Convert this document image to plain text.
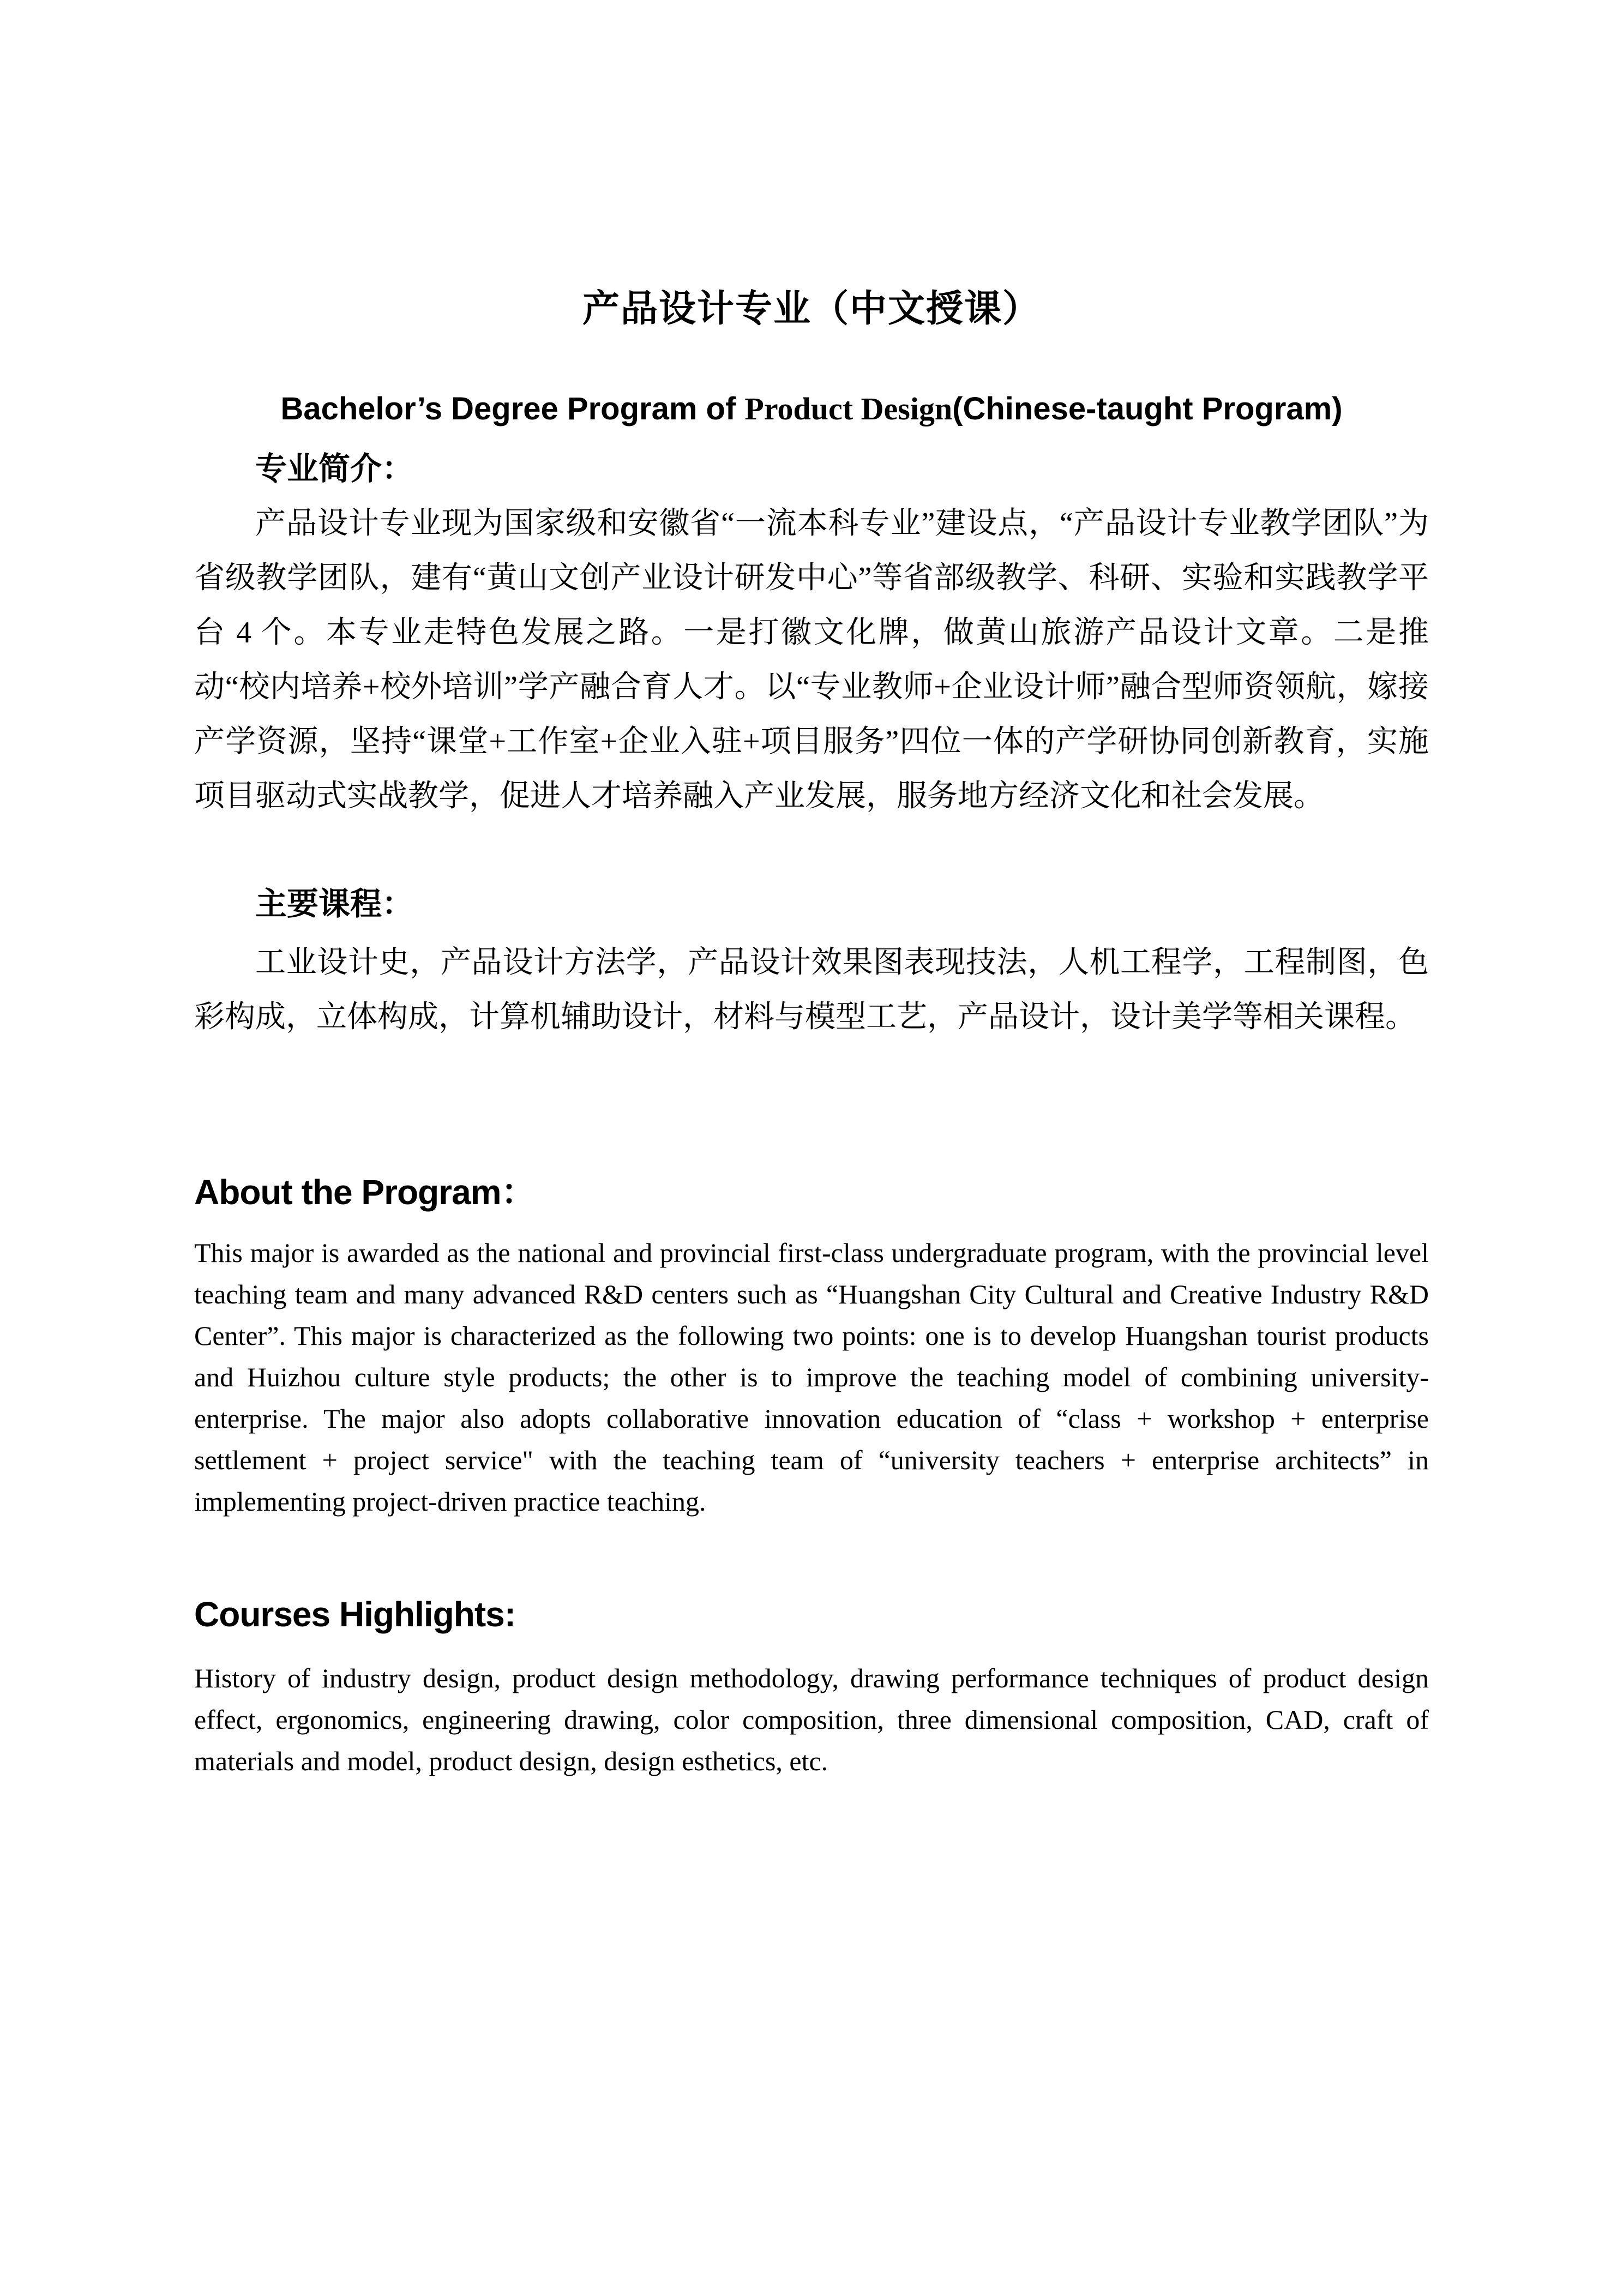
产品设计专业（中文授课）
Bachelor’s Degree Program of Product Design(Chinese-taught Program)
专业简介：

产品设计专业现为国家级和安徽省“一流本科专业”建设点，“产品设计专业教学团队”为省级教学团队，建有“黄山文创产业设计研发中心”等省部级教学、科研、实验和实践教学平台 4 个。本专业走特色发展之路。一是打徽文化牌，做黄山旅游产品设计文章。二是推动“校内培养+校外培训”学产融合育人才。以“专业教师+企业设计师”融合型师资领航，嫁接产学资源，坚持“课堂+工作室+企业入驻+项目服务”四位一体的产学研协同创新教育，实施项目驱动式实战教学，促进人才培养融入产业发展，服务地方经济文化和社会发展。

主要课程：

工业设计史，产品设计方法学，产品设计效果图表现技法，人机工程学，工程制图，色彩构成，立体构成，计算机辅助设计，材料与模型工艺，产品设计，设计美学等相关课程。

About the Program：

This major is awarded as the national and provincial first-class undergraduate program, with the provincial level teaching team and many advanced R&D centers such as “Huangshan City Cultural and Creative Industry R&D Center”. This major is characterized as the following two points: one is to develop Huangshan tourist products and Huizhou culture style products; the other is to improve the teaching model of combining university-enterprise. The major also adopts collaborative innovation education of “class + workshop + enterprise settlement + project service" with the teaching team of “university teachers + enterprise architects” in implementing project-driven practice teaching.

Courses Highlights:

History of industry design, product design methodology, drawing performance techniques of product design effect, ergonomics, engineering drawing, color composition, three dimensional composition, CAD, craft of materials and model, product design, design esthetics, etc.
